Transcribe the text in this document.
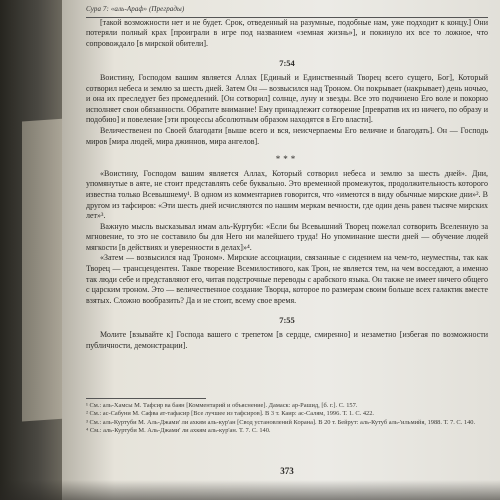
Сура 7: «аль-Араф» (Преграды)

[такой возможности нет и не будет. Срок, отведенный на разумные, подобные нам, уже подходит к концу.] Они потеряли полный крах [проиграли в игре под названием «земная жизнь»], и покинуло их все то ложное, что сопровождало [в мирской обители].

7:54

Воистину, Господом вашим является Аллах [Единый и Единственный Творец всего сущего, Бог], Который сотворил небеса и землю за шесть дней. Затем Он — возвысился над Троном. Он покрывает (накрывает) день ночью, и она их преследует без промедлений. [Он сотворил] солнце, луну и звезды. Все это подчинено Его воле и покорно исполняет свои обязанности. Обратите внимание! Ему принадлежит сотворение [превратив их из ничего, по образу и подобию] и повеление [эти процессы абсолютным образом находятся в Его власти].

Величественен по Своей благодати [выше всего и вся, неисчерпаемы Его величие и благодать]. Он — Господь миров [мира людей, мира джиннов, мира ангелов].

***

«Воистину, Господом вашим является Аллах, Который сотворил небеса и землю за шесть дней». Дни, упомянутые в аяте, не стоит представлять себе буквально. Это временной промежуток, продолжительность которого известна только Всевышнему¹. В одном из комментариев говорится, что «имеются в виду обычные мирские дни»². В другом из тафсиров: «Эти шесть дней исчисляются по нашим меркам вечности, где один день равен тысяче мирских лет»³.

Важную мысль высказывал имам аль-Куртуби: «Если бы Всевышний Творец пожелал сотворить Вселенную за мгновение, то это не составило бы для Него ни малейшего труда! Но упоминание шести дней — обучение людей мягкости [в действиях и уверенности в делах]»⁴.

«Затем — возвысился над Троном». Мирские ассоциации, связанные с сидением на чем-то, неуместны, так как Творец — трансцендентен. Такое творение Всемилостивого, как Трон, не является тем, на чем восседают, а именно так люди себе и представляют его, читая подстрочные переводы с арабского языка. Он также не имеет ничего общего с царским троном. Это — величественное создание Творца, которое по размерам своим больше всех галактик вместе взятых. Сложно вообразить? Да и не стоит, всему свое время.

7:55

Молите [взывайте к] Господа вашего с трепетом [в сердце, смиренно] и незаметно [избегая по возможности публичности, демонстрации].

¹ См.: аль-Хамсы М. Тафсир ва баян [Комментарий и объяснение]. Дамаск: ар-Рашид, [б. г.]. С. 157.
² См.: ас-Сабуни М. Сафва ат-тафасир [Все лучшее из тафсиров]. В 3 т. Каир: ас-Салям, 1996. Т. 1. С. 422.
³ См.: аль-Куртуби М. Аль-Джами' ли ахкям аль-кур'ан [Свод установлений Корана]. В 20 т. Бейрут: аль-Кутуб аль-'ильмийя, 1988. Т. 7. С. 140.
⁴ См.: аль-Куртуби М. Аль-Джами' ли ахкям аль-кур'ан. Т. 7. С. 140.
373
